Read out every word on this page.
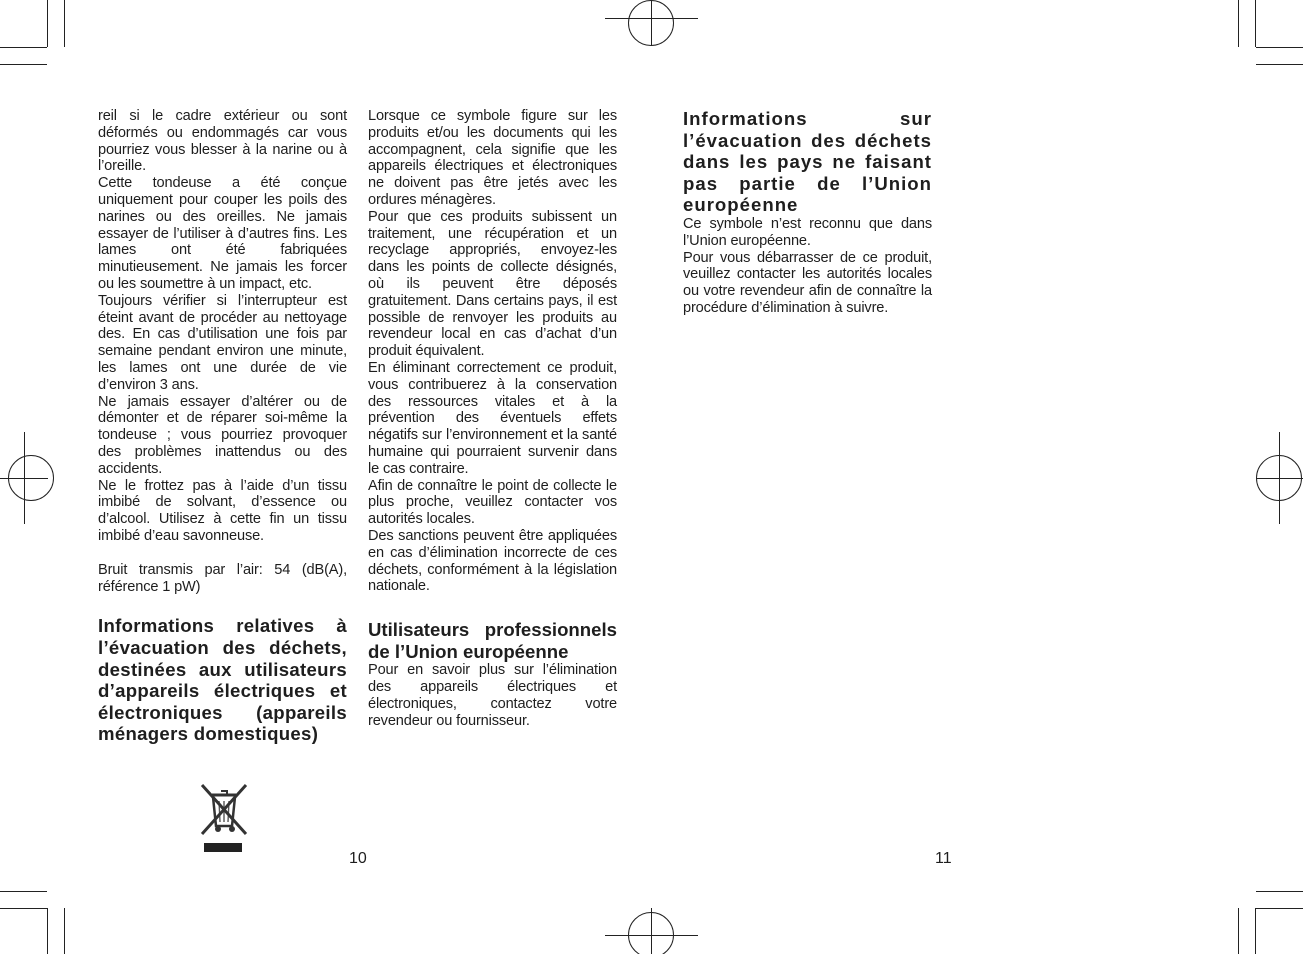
reil si le cadre extérieur ou sont déformés ou endommagés car vous pourriez vous blesser à la narine ou à l’oreille.

Cette tondeuse a été conçue uniquement pour couper les poils des narines ou des oreilles. Ne jamais essayer de l’utiliser à d’autres fins. Les lames ont été fabriquées minutieusement. Ne jamais les forcer ou les soumettre à un impact, etc.

Toujours vérifier si l’interrupteur est éteint avant de procéder au nettoyage des. En cas d’utilisation une fois par semaine pendant environ une minute, les lames ont une durée de vie d’environ 3 ans.

Ne jamais essayer d’altérer ou de démonter et de réparer soi-même la tondeuse ; vous pourriez provoquer des problèmes inattendus ou des accidents.

Ne le frottez pas à l’aide d’un tissu imbibé de solvant, d’essence ou d’alcool. Utilisez à cette fin un tissu imbibé d’eau savonneuse.

Bruit transmis par l’air: 54 (dB(A), référence 1 pW)

Informations relatives à l’évacuation des déchets, destinées aux utilisateurs d’appareils électriques et électroniques (appareils ménagers domestiques)
10

Lorsque ce symbole figure sur les produits et/ou les documents qui les accompagnent, cela signifie que les appareils électriques et électroniques ne doivent pas être jetés avec les ordures ménagères.

Pour que ces produits subissent un traitement, une récupération et un recyclage appropriés, envoyez-les dans les points de collecte désignés, où ils peuvent être déposés gratuitement. Dans certains pays, il est possible de renvoyer les produits au revendeur local en cas d’achat d’un produit équivalent.

En éliminant correctement ce produit, vous contribuerez à la conservation des ressources vitales et à la prévention des éventuels effets négatifs sur l’environnement et la santé humaine qui pourraient survenir dans le cas contraire.

Afin de connaître le point de collecte le plus proche, veuillez contacter vos autorités locales.

Des sanctions peuvent être appliquées en cas d’élimination incorrecte de ces déchets, conformément à la législation nationale.

Utilisateurs professionnels de l’Union européenne

Pour en savoir plus sur l’élimination des appareils électriques et électroniques, contactez votre revendeur ou fournisseur.

Informations sur l’évacuation des déchets dans les pays ne faisant pas partie de l’Union européenne

Ce symbole n’est reconnu que dans l’Union européenne.

Pour vous débarrasser de ce produit, veuillez contacter les autorités locales ou votre revendeur afin de connaître la procédure d’élimination à suivre.

11
